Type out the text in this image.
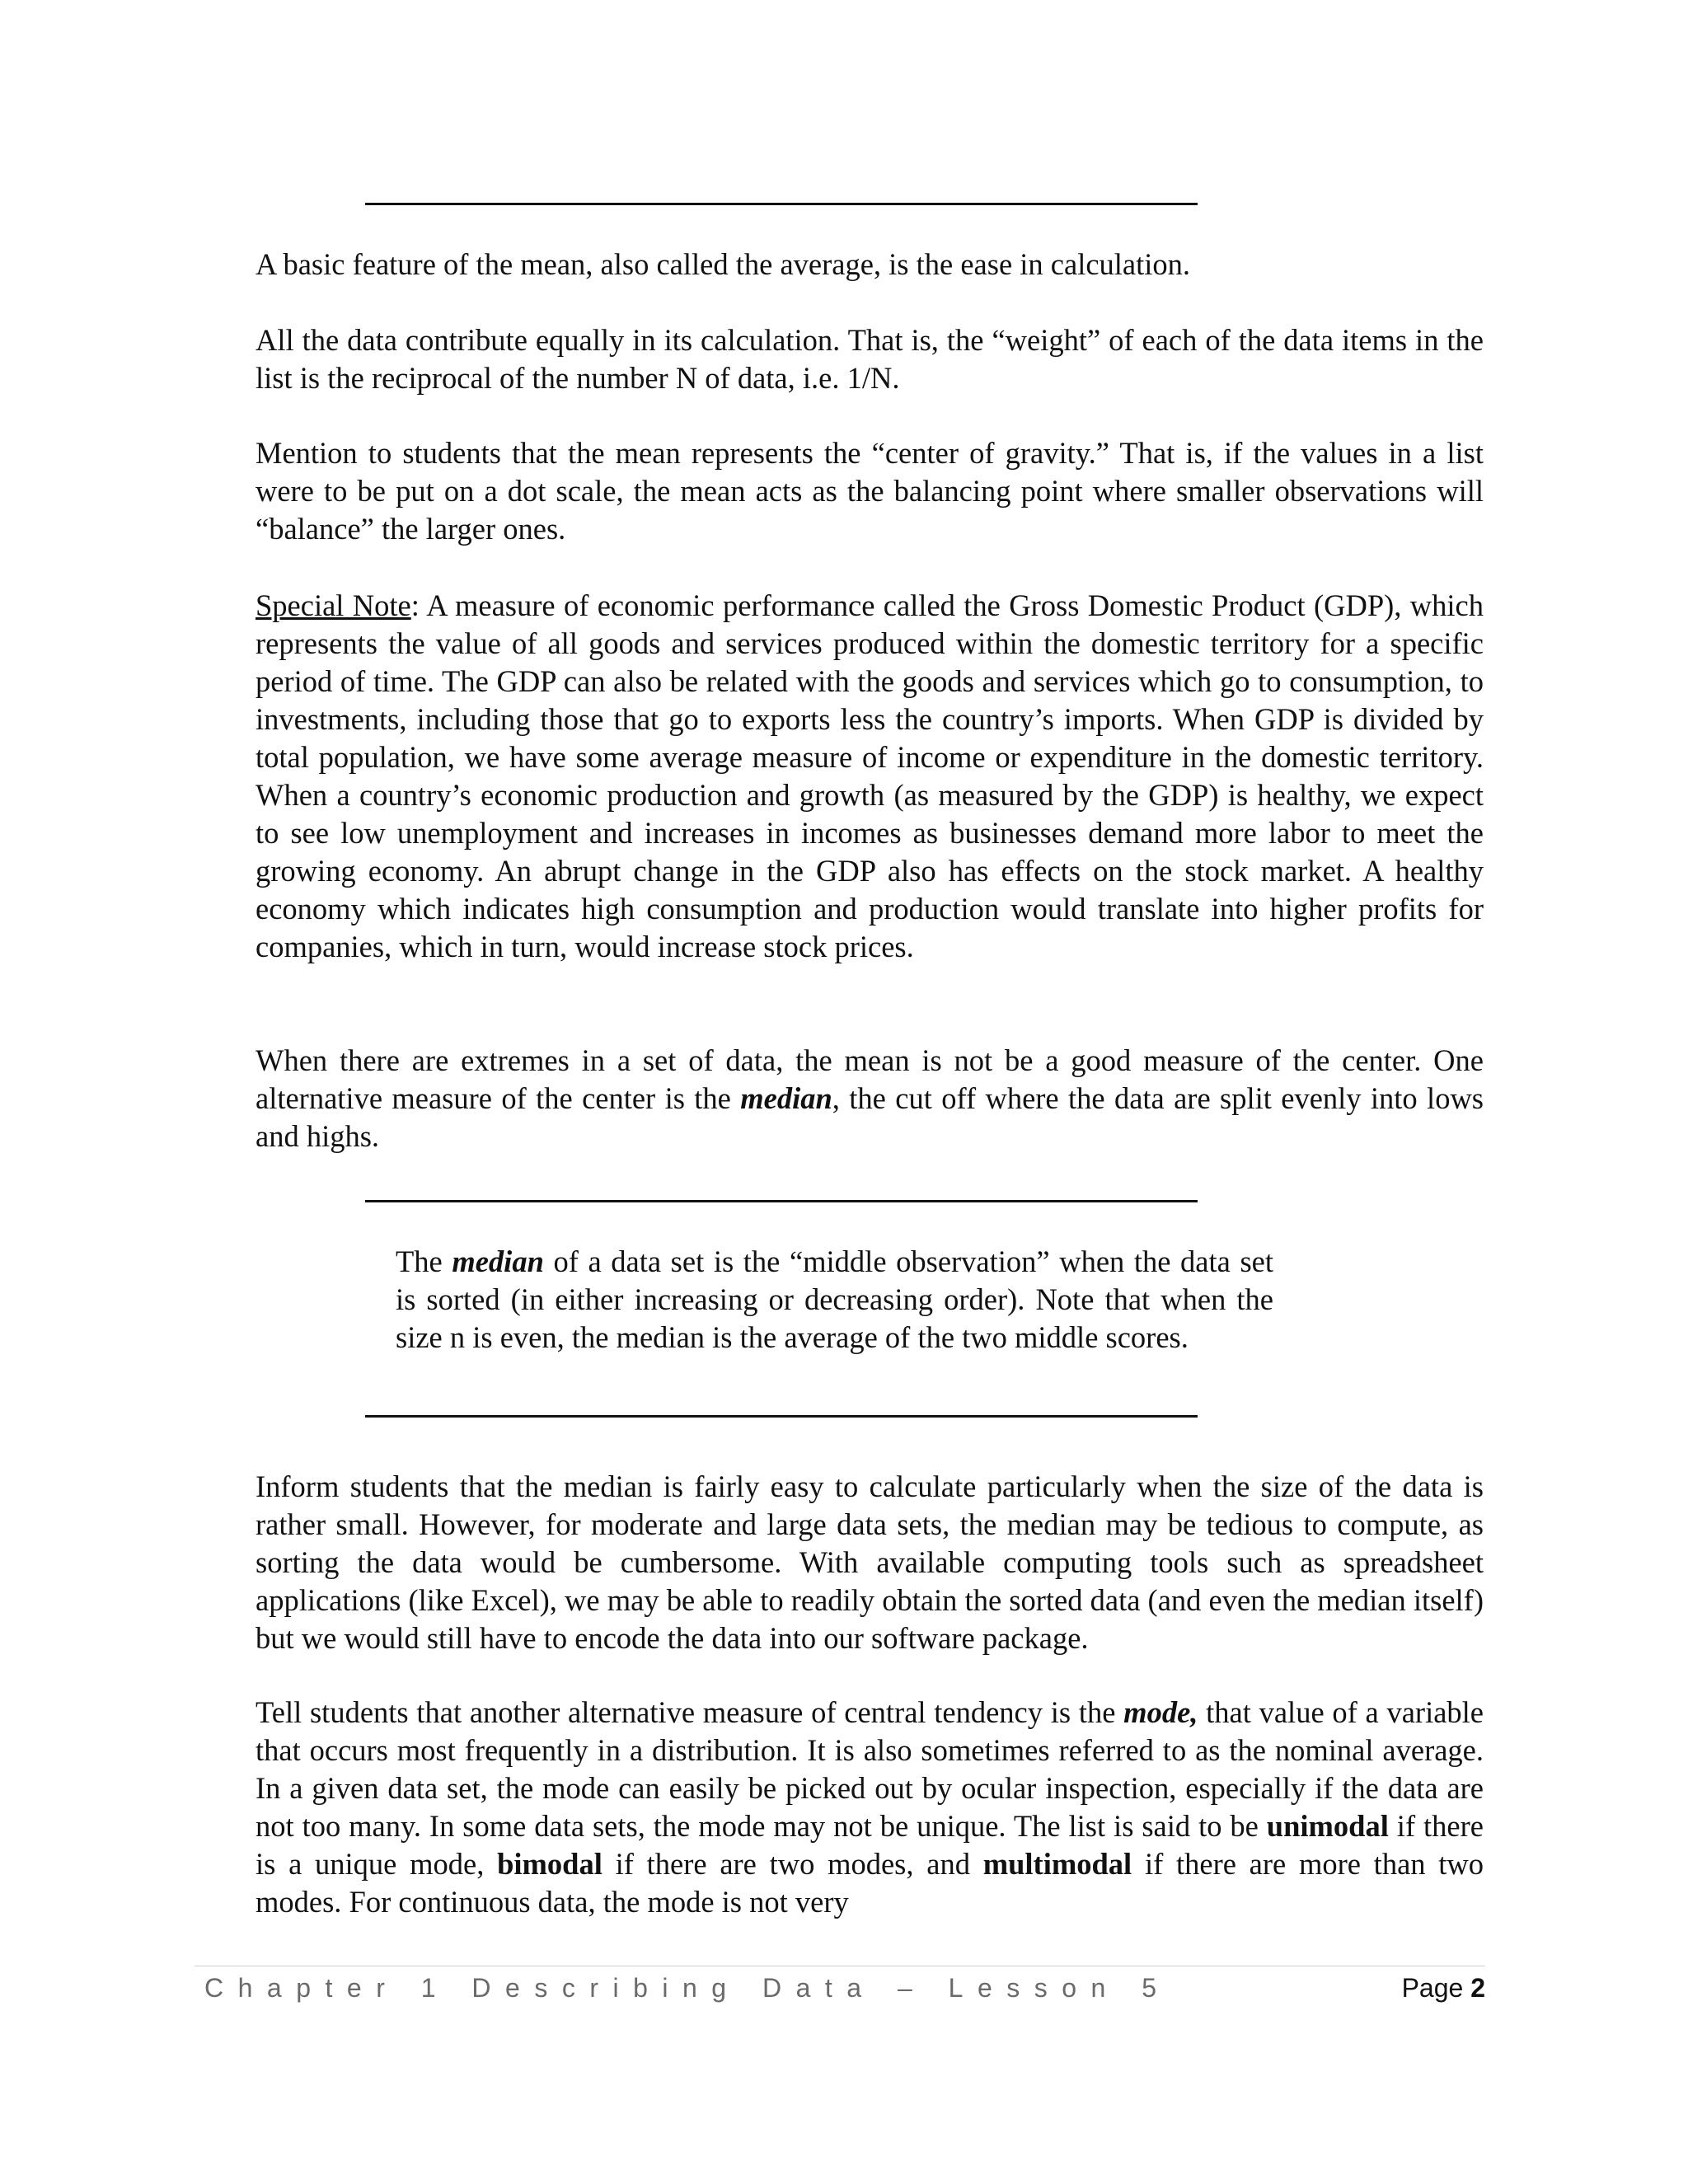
A basic feature of the mean, also called the average, is the ease in calculation.

All the data contribute equally in its calculation. That is, the “weight” of each of the data items in the list is the reciprocal of the number N of data, i.e. 1/N.

Mention to students that the mean represents the “center of gravity.” That is, if the values in a list were to be put on a dot scale, the mean acts as the balancing point where smaller observations will “balance” the larger ones.

Special Note: A measure of economic performance called the Gross Domestic Product (GDP), which represents the value of all goods and services produced within the domestic territory for a specific period of time. The GDP can also be related with the goods and services which go to consumption, to investments, including those that go to exports less the country’s imports. When GDP is divided by total population, we have some average measure of income or expenditure in the domestic territory. When a country’s economic production and growth (as measured by the GDP) is healthy, we expect to see low unemployment and increases in incomes as businesses demand more labor to meet the growing economy. An abrupt change in the GDP also has effects on the stock market. A healthy economy which indicates high consumption and production would translate into higher profits for companies, which in turn, would increase stock prices.

When there are extremes in a set of data, the mean is not be a good measure of the center. One alternative measure of the center is the median, the cut off where the data are split evenly into lows and highs.

The median of a data set is the “middle observation” when the data set is sorted (in either increasing or decreasing order). Note that when the size n is even, the median is the average of the two middle scores.

Inform students that the median is fairly easy to calculate particularly when the size of the data is rather small. However, for moderate and large data sets, the median may be tedious to compute, as sorting the data would be cumbersome. With available computing tools such as spreadsheet applications (like Excel), we may be able to readily obtain the sorted data (and even the median itself) but we would still have to encode the data into our software package.

Tell students that another alternative measure of central tendency is the mode, that value of a variable that occurs most frequently in a distribution. It is also sometimes referred to as the nominal average. In a given data set, the mode can easily be picked out by ocular inspection, especially if the data are not too many. In some data sets, the mode may not be unique. The list is said to be unimodal if there is a unique mode, bimodal if there are two modes, and multimodal if there are more than two modes. For continuous data, the mode is not very

Chapter 1 Describing Data – Lesson 5	Page 2
